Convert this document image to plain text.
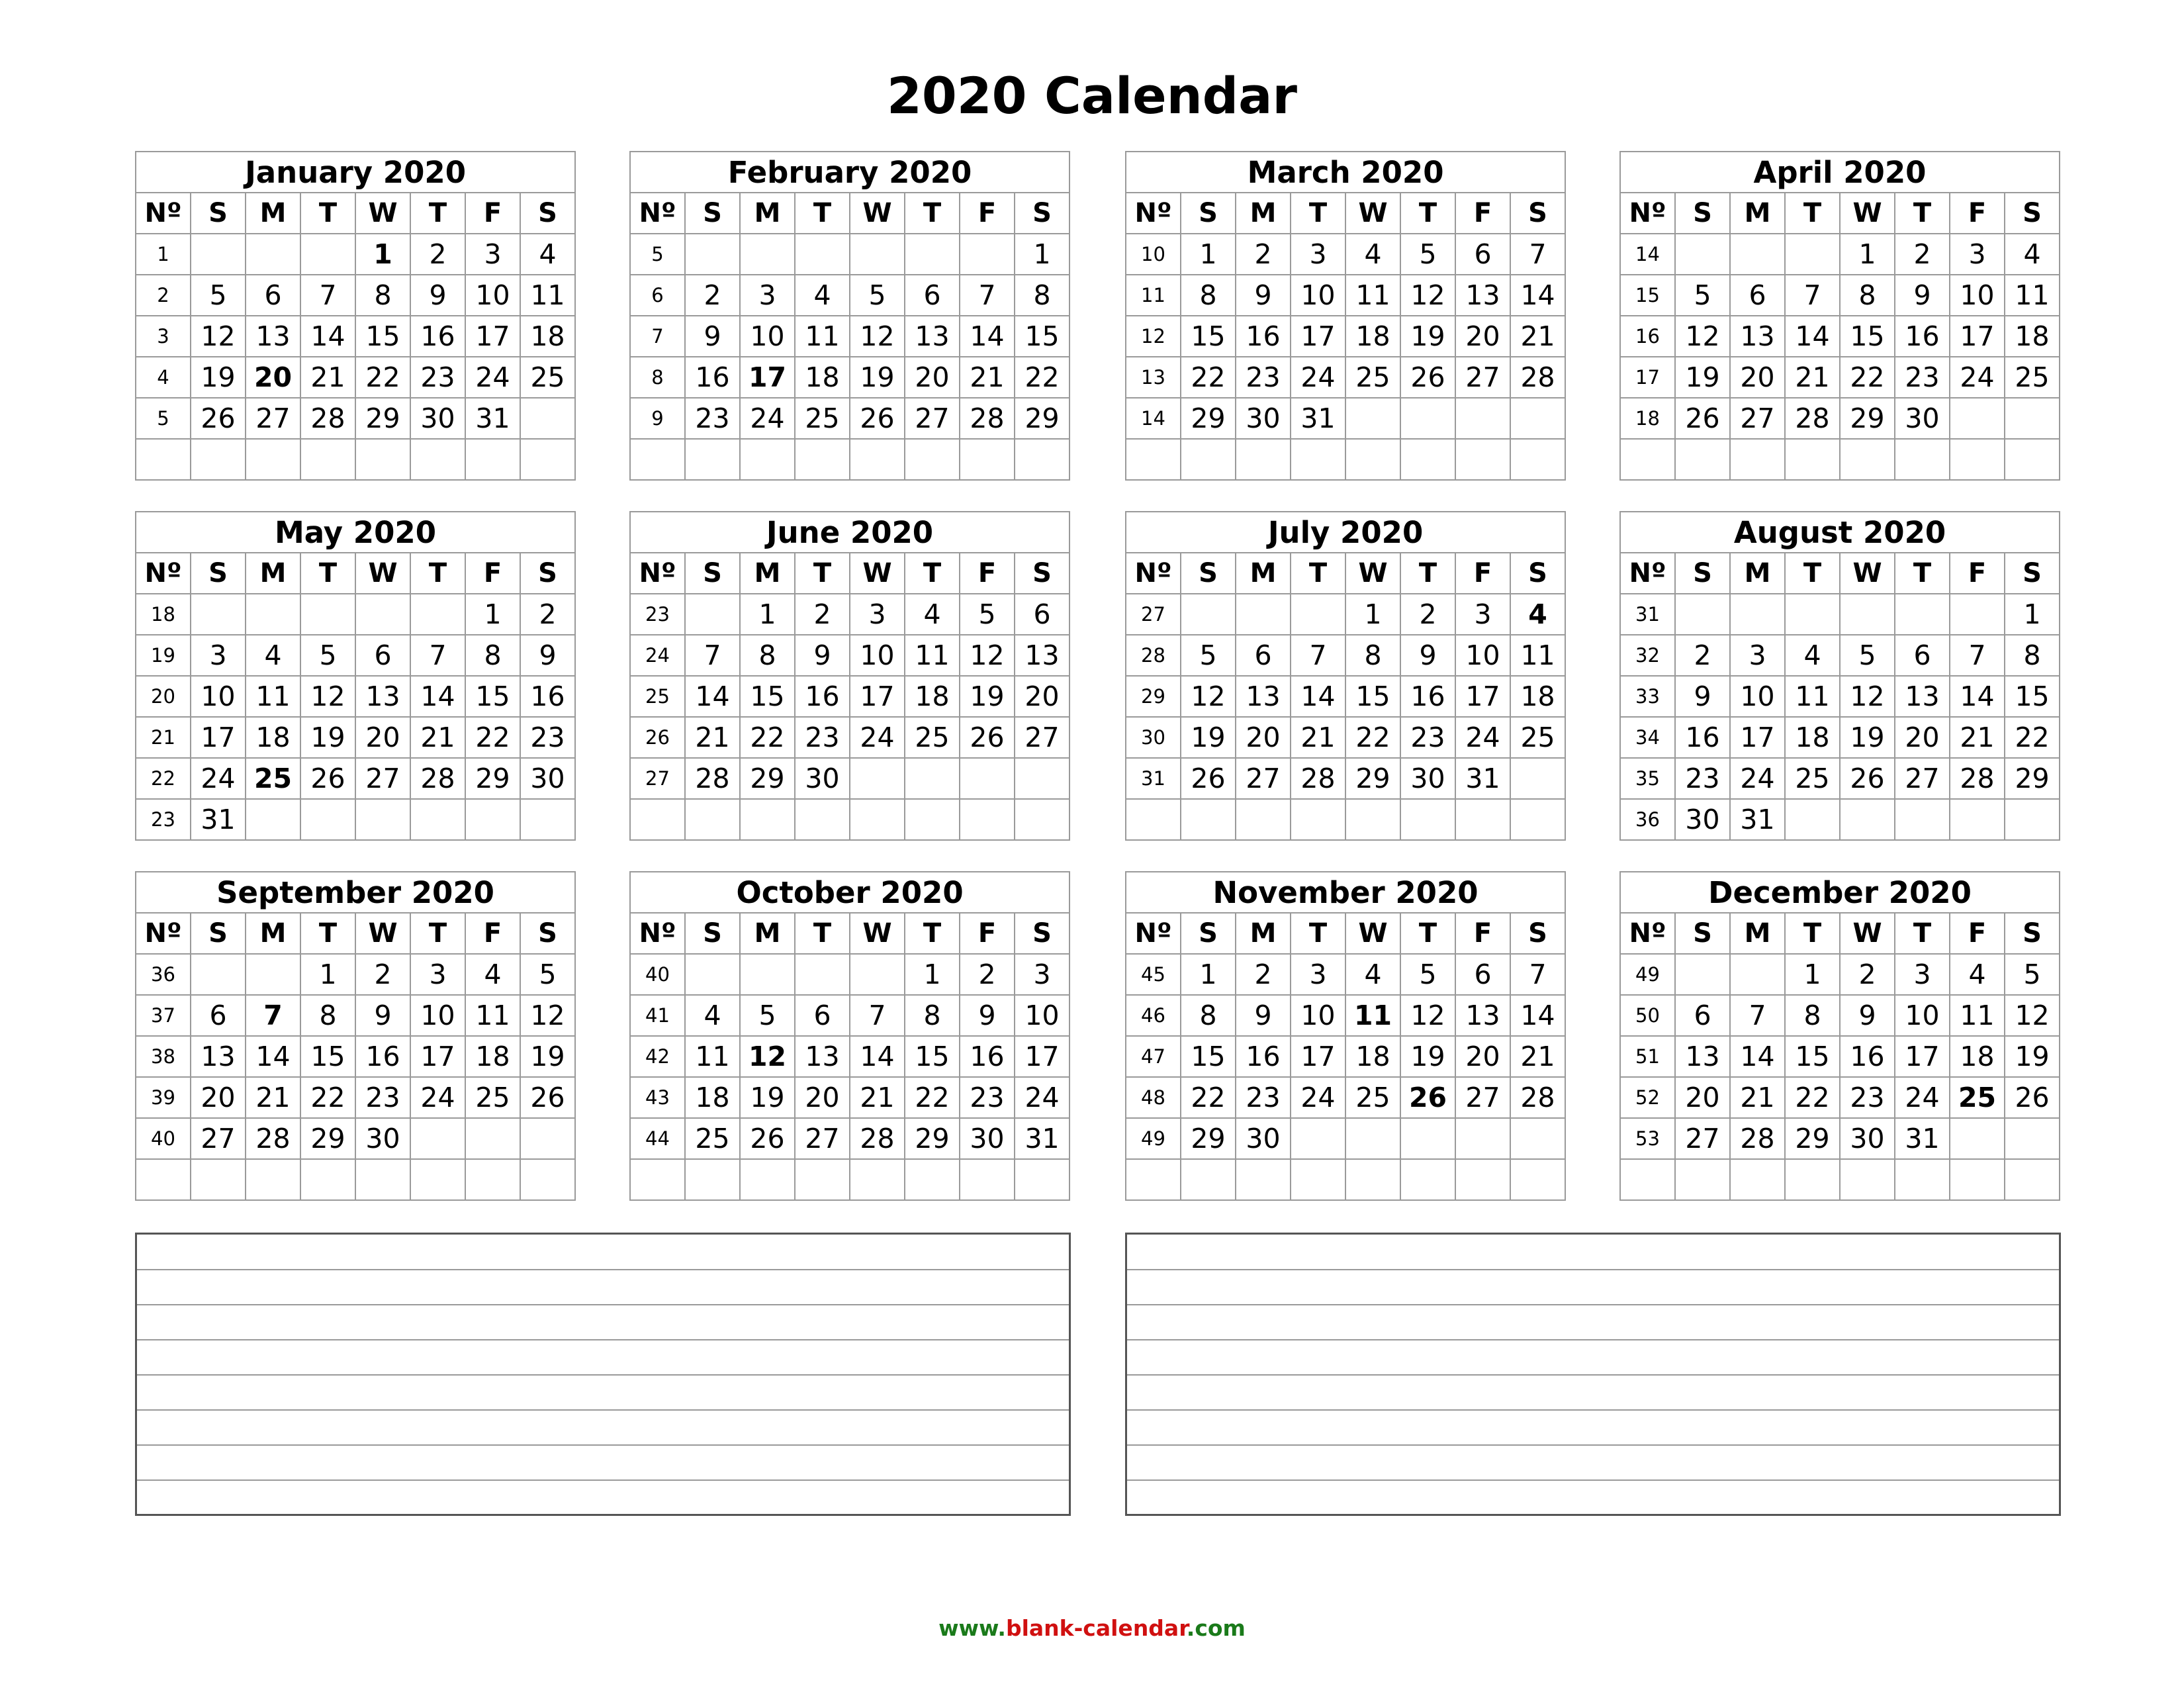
2020 Calendar
January 2020							
Nº	S	M	T	W	T	F	S
1				1	2	3	4
2	5	6	7	8	9	10	11
3	12	13	14	15	16	17	18
4	19	20	21	22	23	24	25
5	26	27	28	29	30	31	

February 2020							
Nº	S	M	T	W	T	F	S
5							1
6	2	3	4	5	6	7	8
7	9	10	11	12	13	14	15
8	16	17	18	19	20	21	22
9	23	24	25	26	27	28	29

March 2020							
Nº	S	M	T	W	T	F	S
10	1	2	3	4	5	6	7
11	8	9	10	11	12	13	14
12	15	16	17	18	19	20	21
13	22	23	24	25	26	27	28
14	29	30	31				

April 2020							
Nº	S	M	T	W	T	F	S
14				1	2	3	4
15	5	6	7	8	9	10	11
16	12	13	14	15	16	17	18
17	19	20	21	22	23	24	25
18	26	27	28	29	30		

May 2020							
Nº	S	M	T	W	T	F	S
18						1	2
19	3	4	5	6	7	8	9
20	10	11	12	13	14	15	16
21	17	18	19	20	21	22	23
22	24	25	26	27	28	29	30
23	31						
June 2020							
Nº	S	M	T	W	T	F	S
23		1	2	3	4	5	6
24	7	8	9	10	11	12	13
25	14	15	16	17	18	19	20
26	21	22	23	24	25	26	27
27	28	29	30				

July 2020							
Nº	S	M	T	W	T	F	S
27				1	2	3	4
28	5	6	7	8	9	10	11
29	12	13	14	15	16	17	18
30	19	20	21	22	23	24	25
31	26	27	28	29	30	31	

August 2020							
Nº	S	M	T	W	T	F	S
31							1
32	2	3	4	5	6	7	8
33	9	10	11	12	13	14	15
34	16	17	18	19	20	21	22
35	23	24	25	26	27	28	29
36	30	31					
September 2020							
Nº	S	M	T	W	T	F	S
36			1	2	3	4	5
37	6	7	8	9	10	11	12
38	13	14	15	16	17	18	19
39	20	21	22	23	24	25	26
40	27	28	29	30			

October 2020							
Nº	S	M	T	W	T	F	S
40					1	2	3
41	4	5	6	7	8	9	10
42	11	12	13	14	15	16	17
43	18	19	20	21	22	23	24
44	25	26	27	28	29	30	31

November 2020							
Nº	S	M	T	W	T	F	S
45	1	2	3	4	5	6	7
46	8	9	10	11	12	13	14
47	15	16	17	18	19	20	21
48	22	23	24	25	26	27	28
49	29	30					

December 2020							
Nº	S	M	T	W	T	F	S
49			1	2	3	4	5
50	6	7	8	9	10	11	12
51	13	14	15	16	17	18	19
52	20	21	22	23	24	25	26
53	27	28	29	30	31		

www.blank-calendar.com
